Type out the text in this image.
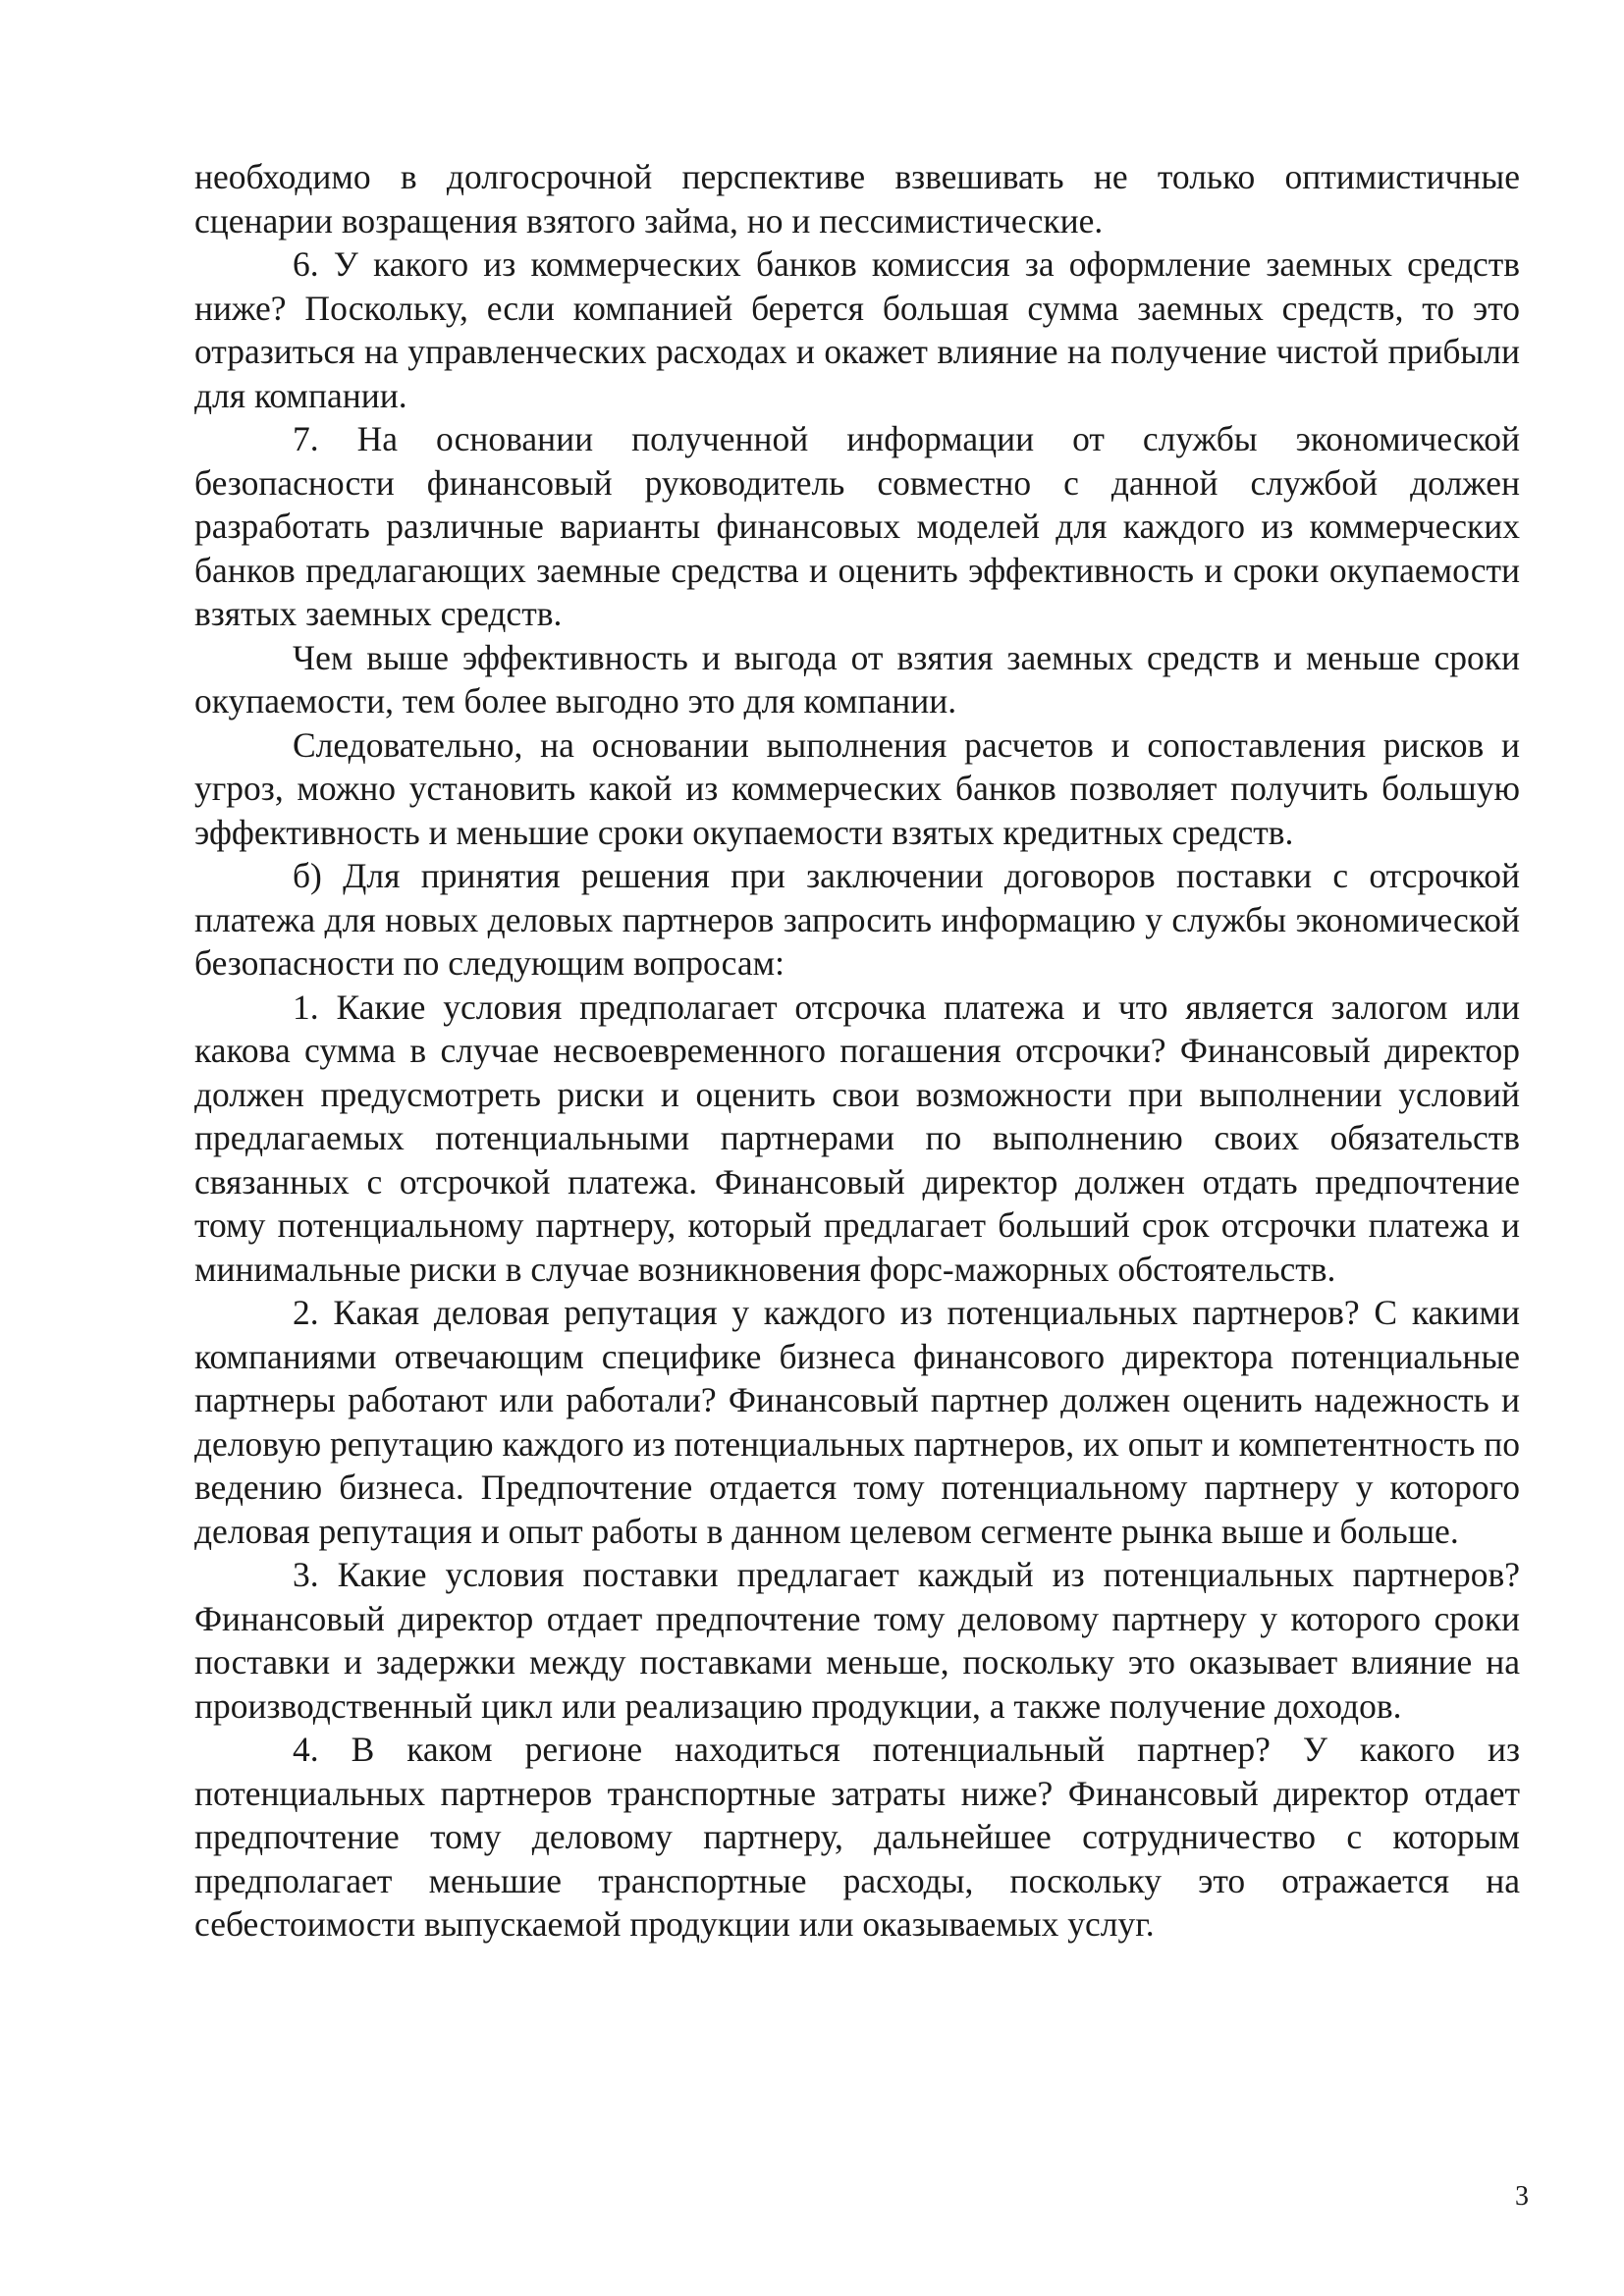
необходимо в долгосрочной перспективе взвешивать не только оптимистичные сценарии возращения взятого займа, но и пессимистические.

6. У какого из коммерческих банков комиссия за оформление заемных средств ниже? Поскольку, если компанией берется большая сумма заемных средств, то это отразиться на управленческих расходах и окажет влияние на получение чистой прибыли для компании.

7. На основании полученной информации от службы экономической безопасности финансовый руководитель совместно с данной службой должен разработать различные варианты финансовых моделей для каждого из коммерческих банков предлагающих заемные средства и оценить эффективность и сроки окупаемости взятых заемных средств.

Чем выше эффективность и выгода от взятия заемных средств и меньше сроки окупаемости, тем более выгодно это для компании.

Следовательно, на основании выполнения расчетов и сопоставления рисков и угроз, можно установить какой из коммерческих банков позволяет получить большую эффективность и меньшие сроки окупаемости взятых кредитных средств.

б) Для принятия решения при заключении договоров поставки с отсрочкой платежа для новых деловых партнеров запросить информацию у службы экономической безопасности по следующим вопросам:

1. Какие условия предполагает отсрочка платежа и что является залогом или какова сумма в случае несвоевременного погашения отсрочки? Финансовый директор должен предусмотреть риски и оценить свои возможности при выполнении условий предлагаемых потенциальными партнерами по выполнению своих обязательств связанных с отсрочкой платежа. Финансовый директор должен отдать предпочтение тому потенциальному партнеру, который предлагает больший срок отсрочки платежа и минимальные риски в случае возникновения форс-мажорных обстоятельств.

2. Какая деловая репутация у каждого из потенциальных партнеров? С какими компаниями отвечающим специфике бизнеса финансового директора потенциальные партнеры работают или работали? Финансовый партнер должен оценить надежность и деловую репутацию каждого из потенциальных партнеров, их опыт и компетентность по ведению бизнеса. Предпочтение отдается тому потенциальному партнеру у которого деловая репутация и опыт работы в данном целевом сегменте рынка выше и больше.

3. Какие условия поставки предлагает каждый из потенциальных партнеров? Финансовый директор отдает предпочтение тому деловому партнеру у которого сроки поставки и задержки между поставками меньше, поскольку это оказывает влияние на производственный цикл или реализацию продукции, а также получение доходов.

4. В каком регионе находиться потенциальный партнер? У какого из потенциальных партнеров транспортные затраты ниже? Финансовый директор отдает предпочтение тому деловому партнеру, дальнейшее сотрудничество с которым предполагает меньшие транспортные расходы, поскольку это отражается на себестоимости выпускаемой продукции или оказываемых услуг.

3
